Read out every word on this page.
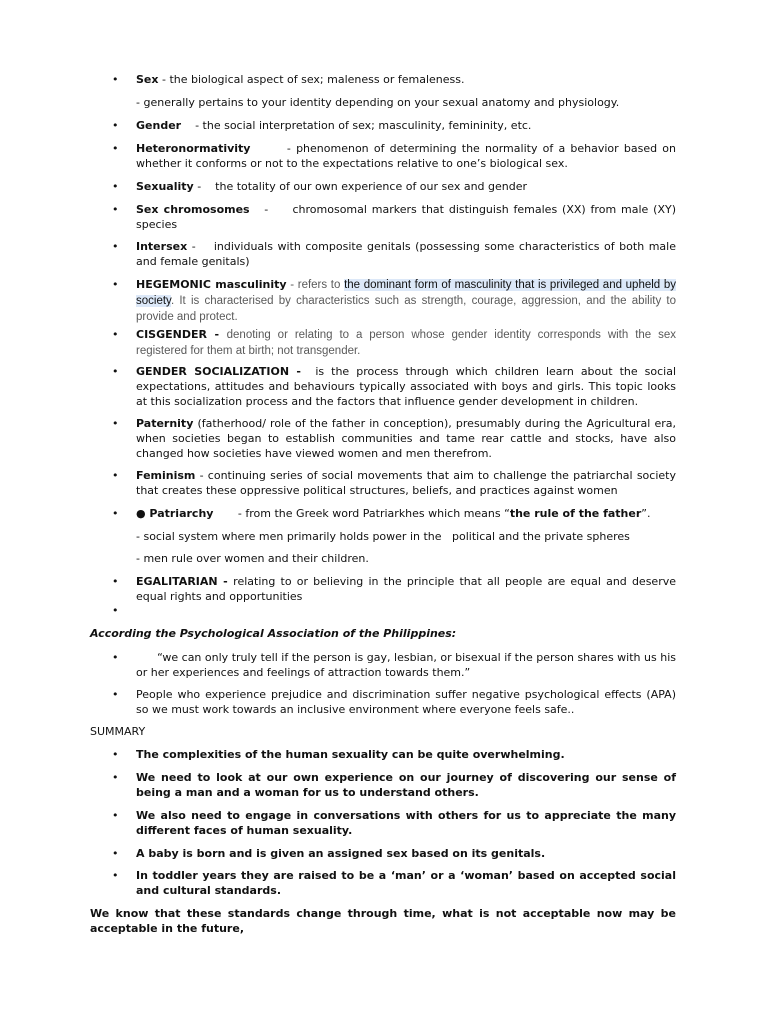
• Sex - the biological aspect of sex; maleness or femaleness.
- generally pertains to your identity depending on your sexual anatomy and physiology.
• Gender    - the social interpretation of sex; masculinity, femininity, etc.
• Heteronormativity       - phenomenon of determining the normality of a behavior based on whether it conforms or not to the expectations relative to one’s biological sex.
• Sexuality -    the totality of our own experience of our sex and gender
• Sex chromosomes   -     chromosomal markers that distinguish females (XX) from male (XY) species
• Intersex -    individuals with composite genitals (possessing some characteristics of both male and female genitals)
• HEGEMONIC masculinity - refers to the dominant form of masculinity that is privileged and upheld by society. It is characterised by characteristics such as strength, courage, aggression, and the ability to provide and protect.
• CISGENDER - denoting or relating to a person whose gender identity corresponds with the sex registered for them at birth; not transgender.
• GENDER SOCIALIZATION -  is the process through which children learn about the social expectations, attitudes and behaviours typically associated with boys and girls. This topic looks at this socialization process and the factors that influence gender development in children.
• Paternity (fatherhood/ role of the father in conception), presumably during the Agricultural era, when societies began to establish communities and tame rear cattle and stocks, have also changed how societies have viewed women and men therefrom.
• Feminism - continuing series of social movements that aim to challenge the patriarchal society that creates these oppressive political structures, beliefs, and practices against women
• ● Patriarchy       - from the Greek word Patriarkhes which means “the rule of the father”.
- social system where men primarily holds power in the   political and the private spheres
- men rule over women and their children.
• EGALITARIAN - relating to or believing in the principle that all people are equal and deserve equal rights and opportunities
•
According the Psychological Association of the Philippines:
• “we can only truly tell if the person is gay, lesbian, or bisexual if the person shares with us his or her experiences and feelings of attraction towards them.”
• People who experience prejudice and discrimination suffer negative psychological effects (APA) so we must work towards an inclusive environment where everyone feels safe..
SUMMARY
• The complexities of the human sexuality can be quite overwhelming.
• We need to look at our own experience on our journey of discovering our sense of being a man and a woman for us to understand others.
• We also need to engage in conversations with others for us to appreciate the many different faces of human sexuality.
• A baby is born and is given an assigned sex based on its genitals.
• In toddler years they are raised to be a ‘man’ or a ‘woman’ based on accepted social and cultural standards.
We know that these standards change through time, what is not acceptable now may be acceptable in the future,
